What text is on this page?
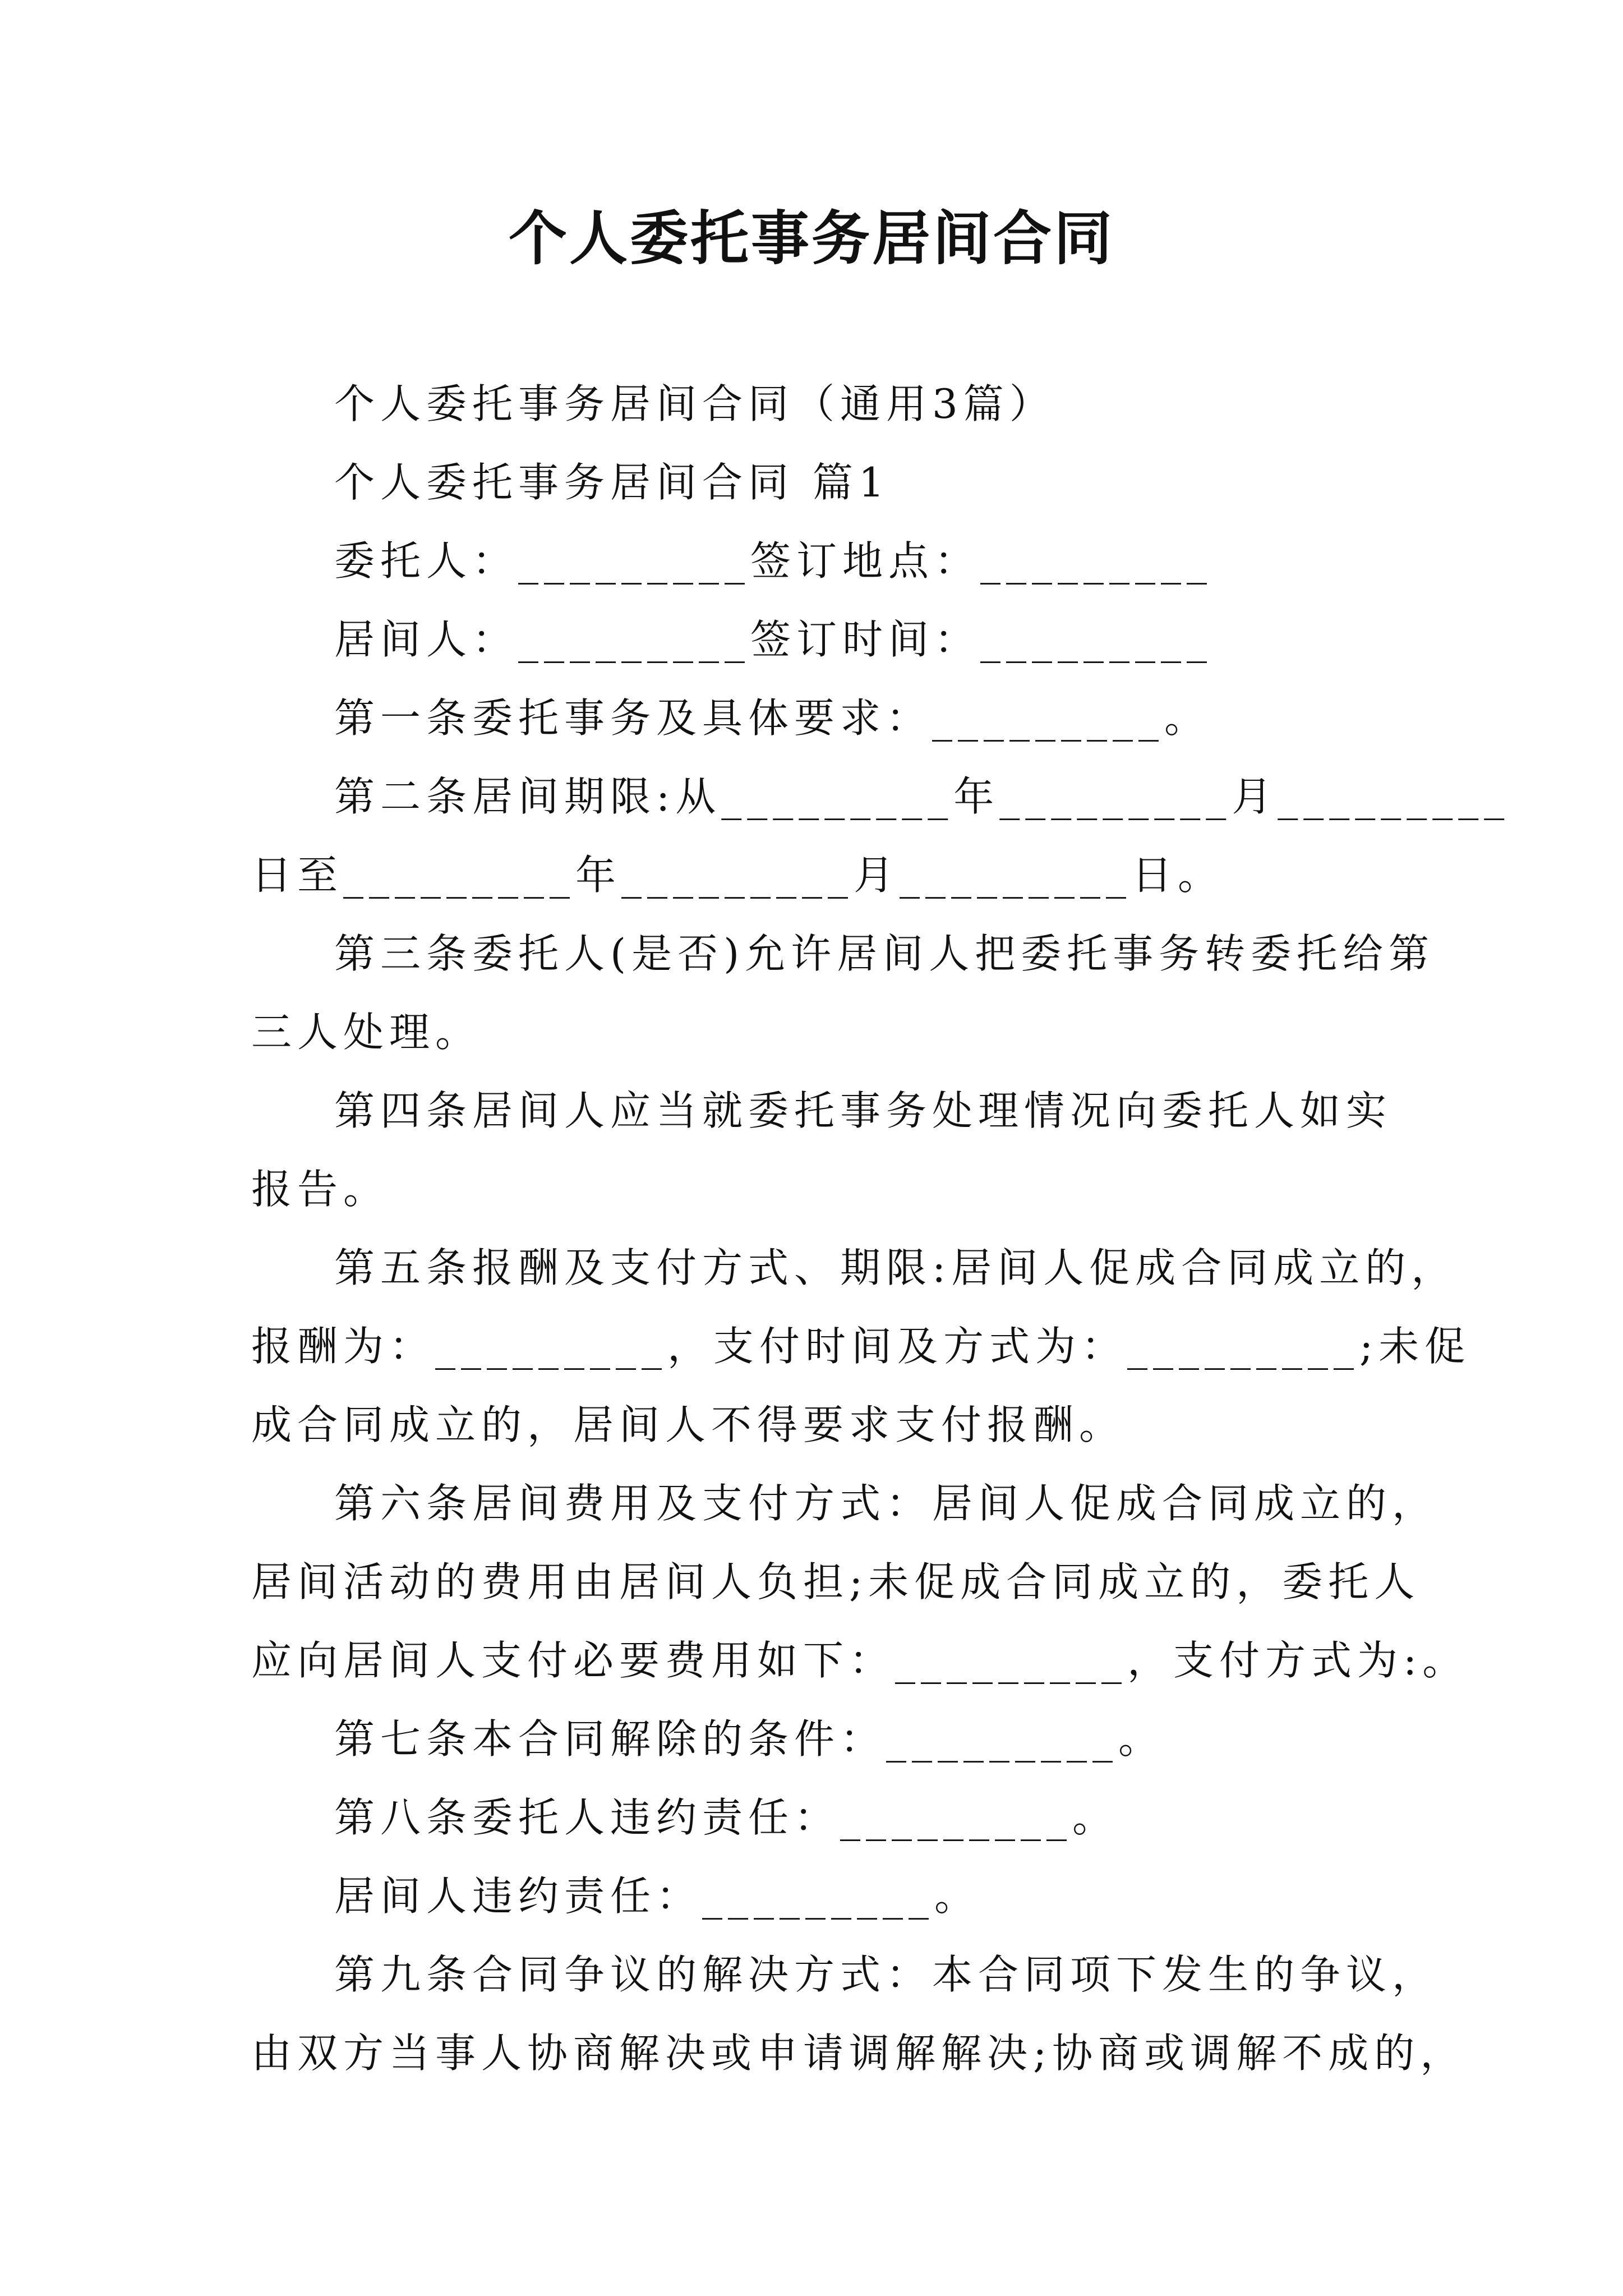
个人委托事务居间合同

个人委托事务居间合同（通用3篇）

个人委托事务居间合同 篇1

委托人：_________签订地点：_________

居间人：_________签订时间：_________

第一条委托事务及具体要求：_________。

第二条居间期限:从_________年_________月_________

日至_________年_________月_________日。

第三条委托人(是否)允许居间人把委托事务转委托给第

三人处理。

第四条居间人应当就委托事务处理情况向委托人如实

报告。

第五条报酬及支付方式、期限:居间人促成合同成立的，

报酬为：_________，支付时间及方式为：_________;未促

成合同成立的，居间人不得要求支付报酬。

第六条居间费用及支付方式：居间人促成合同成立的，

居间活动的费用由居间人负担;未促成合同成立的，委托人

应向居间人支付必要费用如下：_________，支付方式为:。

第七条本合同解除的条件：_________。

第八条委托人违约责任：_________。

居间人违约责任：_________。

第九条合同争议的解决方式：本合同项下发生的争议，

由双方当事人协商解决或申请调解解决;协商或调解不成的，
